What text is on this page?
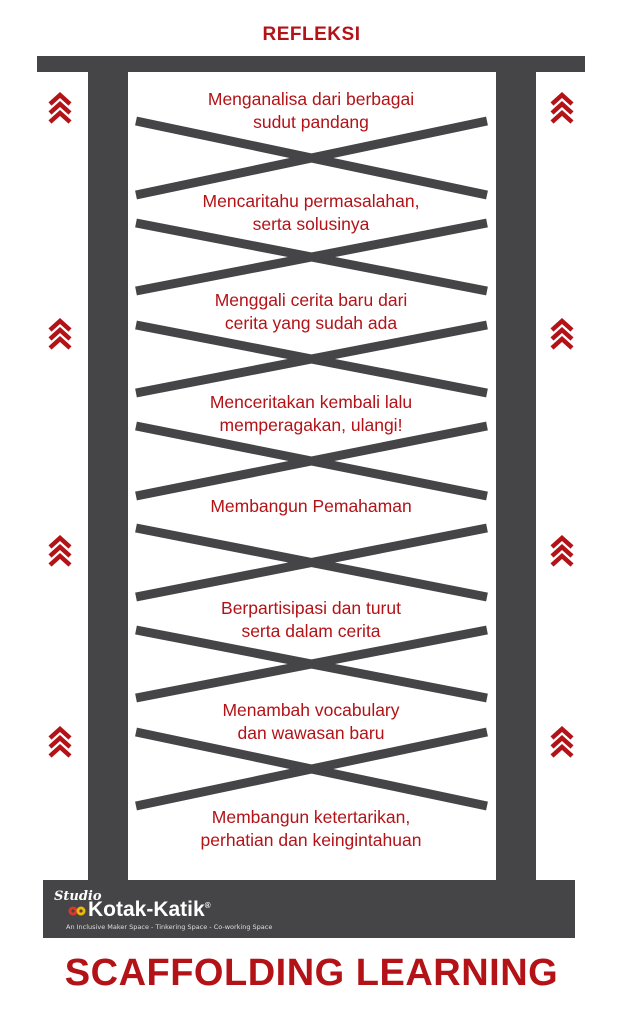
REFLEKSI
Menganalisa dari berbagai
sudut pandang
Mencaritahu permasalahan,
serta solusinya
Menggali cerita baru dari
cerita yang sudah ada
Menceritakan kembali lalu
memperagakan, ulangi!
Membangun Pemahaman
Berpartisipasi dan turut
serta dalam cerita
Menambah vocabulary
dan wawasan baru
Membangun ketertarikan,
perhatian dan keingintahuan
Studio
Kotak-Katik®
An Inclusive Maker Space - Tinkering Space - Co-working Space
SCAFFOLDING LEARNING
